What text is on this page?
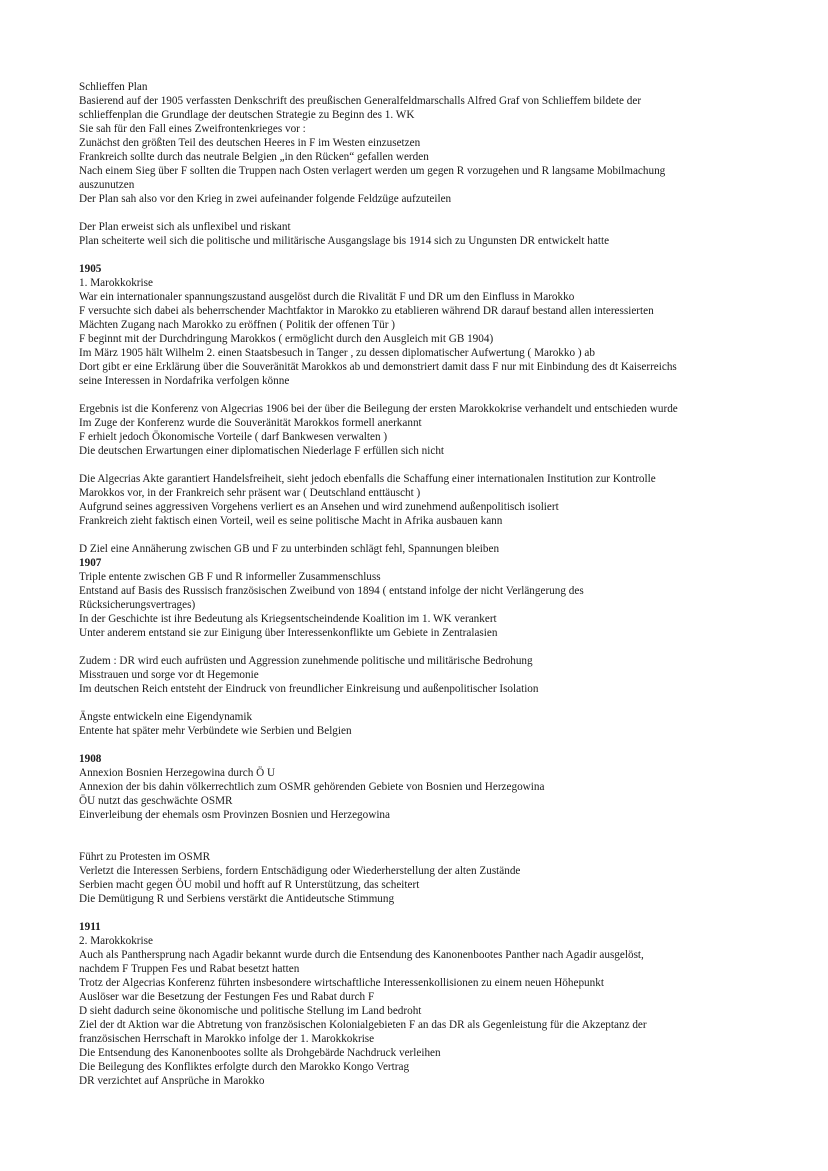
Schlieffen Plan
Basierend auf der 1905 verfassten Denkschrift des preußischen Generalfeldmarschalls Alfred Graf von Schlieffem bildete der
schlieffenplan die Grundlage der deutschen Strategie zu Beginn des 1. WK
Sie sah für den Fall eines Zweifrontenkrieges vor :
Zunächst den größten Teil des deutschen Heeres in F im Westen einzusetzen
Frankreich sollte durch das neutrale Belgien „in den Rücken“ gefallen werden
Nach einem Sieg über F sollten die Truppen nach Osten verlagert werden um gegen R vorzugehen und R langsame Mobilmachung
auszunutzen
Der Plan sah also vor den Krieg in zwei aufeinander folgende Feldzüge aufzuteilen
Der Plan erweist sich als unflexibel und riskant
Plan scheiterte weil sich die politische und militärische Ausgangslage bis 1914 sich zu Ungunsten DR entwickelt hatte
1905
1. Marokkokrise
War ein internationaler spannungszustand ausgelöst durch die Rivalität F und DR um den Einfluss in Marokko
F versuchte sich dabei als beherrschender Machtfaktor in Marokko zu etablieren während DR darauf bestand allen interessierten
Mächten Zugang nach Marokko zu eröffnen ( Politik der offenen Tür )
F beginnt mit der Durchdringung Marokkos ( ermöglicht durch den Ausgleich mit GB 1904)
Im März 1905 hält Wilhelm 2. einen Staatsbesuch in Tanger , zu dessen diplomatischer Aufwertung ( Marokko ) ab
Dort gibt er eine Erklärung über die Souveränität Marokkos ab und demonstriert damit dass F nur mit Einbindung des dt Kaiserreichs
seine Interessen in Nordafrika verfolgen könne
Ergebnis ist die Konferenz von Algecrias 1906 bei der über die Beilegung der ersten Marokkokrise verhandelt und entschieden wurde
Im Zuge der Konferenz wurde die Souveränität Marokkos formell anerkannt
F erhielt jedoch Ökonomische Vorteile ( darf Bankwesen verwalten )
Die deutschen Erwartungen einer diplomatischen Niederlage F erfüllen sich nicht
Die Algecrias Akte garantiert Handelsfreiheit, sieht jedoch ebenfalls die Schaffung einer internationalen Institution zur Kontrolle
Marokkos vor, in der Frankreich sehr präsent war ( Deutschland enttäuscht )
Aufgrund seines aggressiven Vorgehens verliert es an Ansehen und wird zunehmend außenpolitisch isoliert
Frankreich zieht faktisch einen Vorteil, weil es seine politische Macht in Afrika ausbauen kann
D Ziel eine Annäherung zwischen GB und F zu unterbinden schlägt fehl, Spannungen bleiben
1907
Triple entente zwischen GB F und R informeller Zusammenschluss
Entstand auf Basis des Russisch französischen Zweibund von 1894 ( entstand infolge der nicht Verlängerung des
Rücksicherungsvertrages)
In der Geschichte ist ihre Bedeutung als Kriegsentscheindende Koalition im 1. WK verankert
Unter anderem entstand sie zur Einigung über Interessenkonflikte um Gebiete in Zentralasien
Zudem : DR wird euch aufrüsten und Aggression zunehmende politische und militärische Bedrohung
Misstrauen und sorge vor dt Hegemonie
Im deutschen Reich entsteht der Eindruck von freundlicher Einkreisung und außenpolitischer Isolation
Ängste entwickeln eine Eigendynamik
Entente hat später mehr Verbündete wie Serbien und Belgien
1908
Annexion Bosnien Herzegowina durch Ö U
Annexion der bis dahin völkerrechtlich zum OSMR gehörenden Gebiete von Bosnien und Herzegowina
ÖU nutzt das geschwächte OSMR
Einverleibung der ehemals osm Provinzen Bosnien und Herzegowina
Führt zu Protesten im OSMR
Verletzt die Interessen Serbiens, fordern Entschädigung oder Wiederherstellung der alten Zustände
Serbien macht gegen ÖU mobil und hofft auf R Unterstützung, das scheitert
Die Demütigung R und Serbiens verstärkt die Antideutsche Stimmung
1911
2. Marokkokrise
Auch als Panthersprung nach Agadir bekannt wurde durch die Entsendung des Kanonenbootes Panther nach Agadir ausgelöst,
nachdem F Truppen Fes und Rabat besetzt hatten
Trotz der Algecrias Konferenz führten insbesondere wirtschaftliche Interessenkollisionen zu einem neuen Höhepunkt
Auslöser war die Besetzung der Festungen Fes und Rabat durch F
D sieht dadurch seine ökonomische und politische Stellung im Land bedroht
Ziel der dt Aktion war die Abtretung von französischen Kolonialgebieten F an das DR als Gegenleistung für die Akzeptanz der
französischen Herrschaft in Marokko infolge der 1. Marokkokrise
Die Entsendung des Kanonenbootes sollte als Drohgebärde Nachdruck verleihen
Die Beilegung des Konfliktes erfolgte durch den Marokko Kongo Vertrag
DR verzichtet auf Ansprüche in Marokko
